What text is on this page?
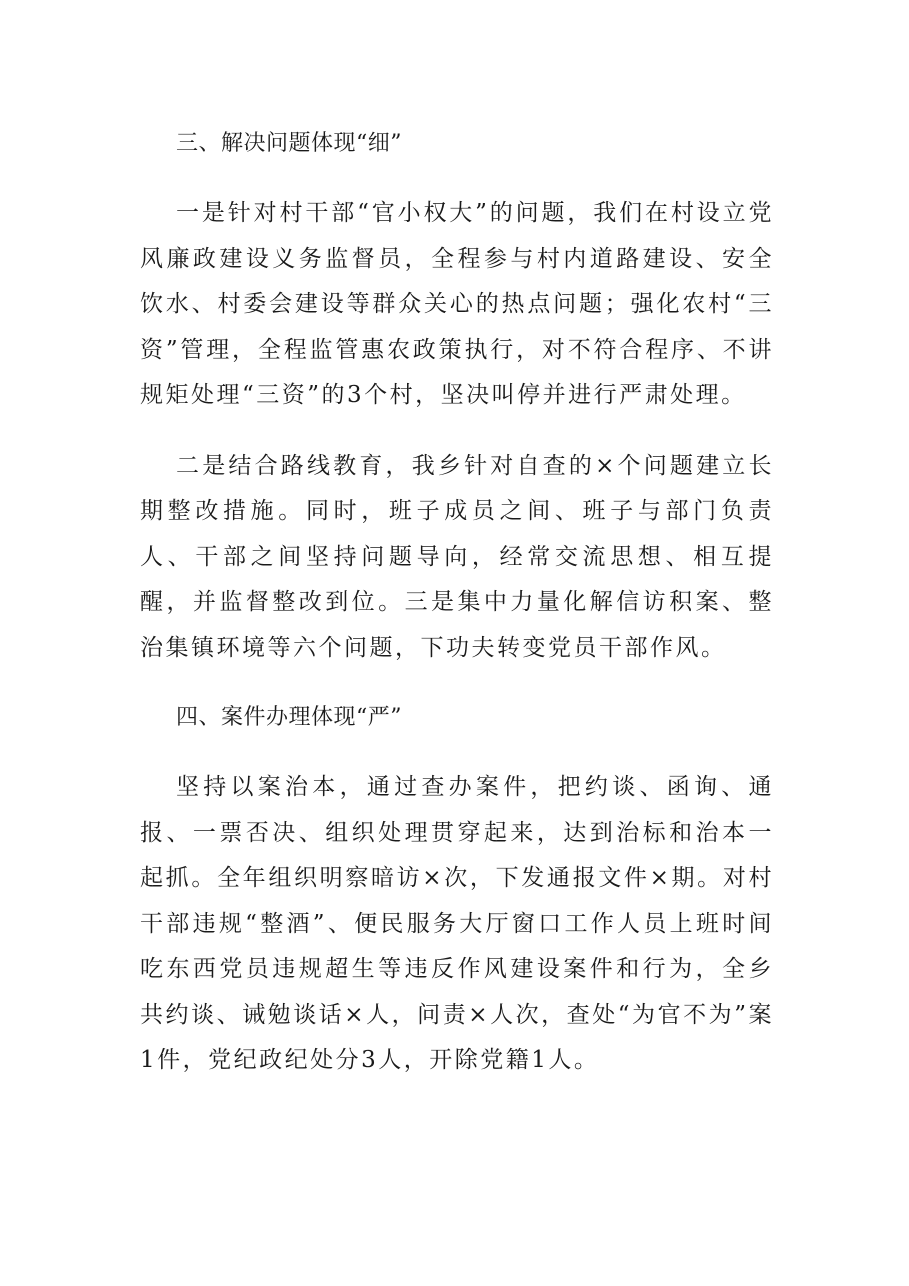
三、解决问题体现“细”
一是针对村干部“官小权大”的问题，我们在村设立党风廉政建设义务监督员，全程参与村内道路建设、安全饮水、村委会建设等群众关心的热点问题；强化农村“三资”管理，全程监管惠农政策执行，对不符合程序、不讲规矩处理“三资”的3个村，坚决叫停并进行严肃处理。
二是结合路线教育，我乡针对自查的×个问题建立长期整改措施。同时，班子成员之间、班子与部门负责人、干部之间坚持问题导向，经常交流思想、相互提醒，并监督整改到位。三是集中力量化解信访积案、整治集镇环境等六个问题，下功夫转变党员干部作风。
四、案件办理体现“严”
坚持以案治本，通过查办案件，把约谈、函询、通报、一票否决、组织处理贯穿起来，达到治标和治本一起抓。全年组织明察暗访×次，下发通报文件×期。对村干部违规“整酒”、便民服务大厅窗口工作人员上班时间吃东西党员违规超生等违反作风建设案件和行为，全乡共约谈、诫勉谈话×人，问责×人次，查处“为官不为”案1件，党纪政纪处分3人，开除党籍1人。
